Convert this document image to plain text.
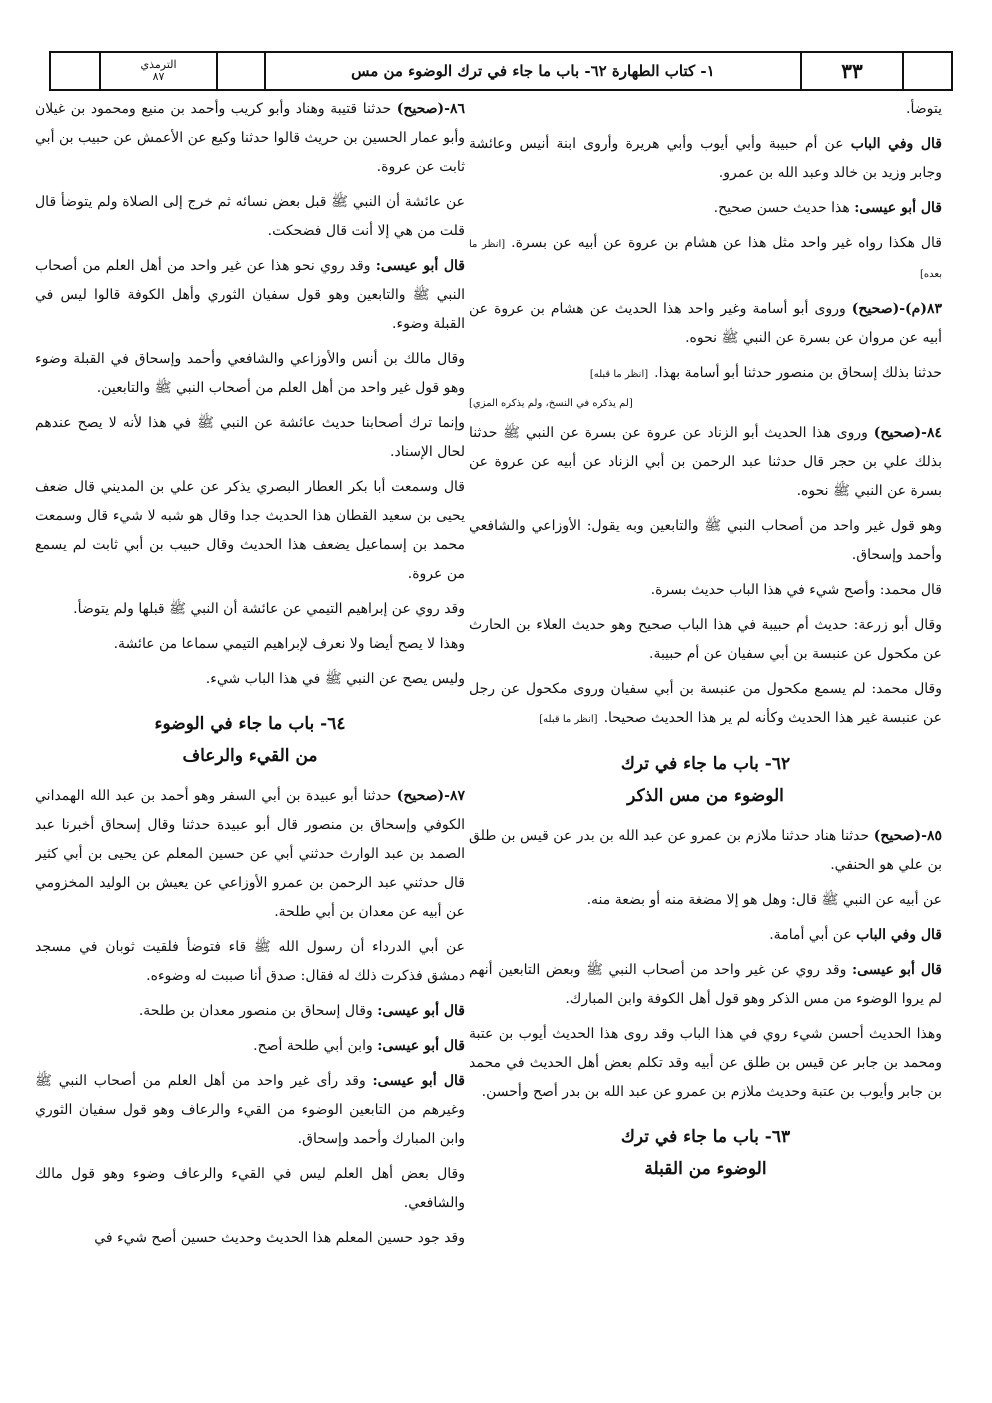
الترمذي
٨٧	١- كتاب الطهارة ٦٢- باب ما جاء في ترك الوضوء من مس	٣٣

يتوضأ.

قال وفي الباب عن أم حبيبة وأبي أيوب وأبي هريرة وأروى ابنة أنيس وعائشة وجابر وزيد بن خالد وعبد الله بن عمرو.

قال أبو عيسى: هذا حديث حسن صحيح.

قال هكذا رواه غير واحد مثل هذا عن هشام بن عروة عن أبيه عن بسرة.[انظر ما بعده]

٨٣(م)-(صحيح) وروى أبو أسامة وغير واحد هذا الحديث عن هشام بن عروة عن أبيه عن مروان عن بسرة عن النبي ﷺ نحوه.

حدثنا بذلك إسحاق بن منصور حدثنا أبو أسامة بهذا.[انظر ما قبله]

[لم يذكره في النسخ، ولم يذكره المزي]

٨٤-(صحيح) وروى هذا الحديث أبو الزناد عن عروة عن بسرة عن النبي ﷺ حدثنا بذلك علي بن حجر قال حدثنا عبد الرحمن بن أبي الزناد عن أبيه عن عروة عن بسرة عن النبي ﷺ نحوه.

وهو قول غير واحد من أصحاب النبي ﷺ والتابعين وبه يقول: الأوزاعي والشافعي وأحمد وإسحاق.

قال محمد: وأصح شيء في هذا الباب حديث بسرة.

وقال أبو زرعة: حديث أم حبيبة في هذا الباب صحيح وهو حديث العلاء بن الحارث عن مكحول عن عنبسة بن أبي سفيان عن أم حبيبة.

وقال محمد: لم يسمع مكحول من عنبسة بن أبي سفيان وروى مكحول عن رجل عن عنبسة غير هذا الحديث وكأنه لم ير هذا الحديث صحيحا.[انظر ما قبله]

٦٢- باب ما جاء في ترك
الوضوء من مس الذكر

٨٥-(صحيح) حدثنا هناد حدثنا ملازم بن عمرو عن عبد الله بن بدر عن قيس بن طلق بن علي هو الحنفي.

عن أبيه عن النبي ﷺ قال: وهل هو إلا مضغة منه أو بضعة منه.

قال وفي الباب عن أبي أمامة.

قال أبو عيسى: وقد روي عن غير واحد من أصحاب النبي ﷺ وبعض التابعين أنهم لم يروا الوضوء من مس الذكر وهو قول أهل الكوفة وابن المبارك.

وهذا الحديث أحسن شيء روي في هذا الباب وقد روى هذا الحديث أيوب بن عتبة ومحمد بن جابر عن قيس بن طلق عن أبيه وقد تكلم بعض أهل الحديث في محمد بن جابر وأيوب بن عتبة وحديث ملازم بن عمرو عن عبد الله بن بدر أصح وأحسن.

٦٣- باب ما جاء في ترك
الوضوء من القبلة

٨٦-(صحيح) حدثنا قتيبة وهناد وأبو كريب وأحمد بن منيع ومحمود بن غيلان وأبو عمار الحسين بن حريث قالوا حدثنا وكيع عن الأعمش عن حبيب بن أبي ثابت عن عروة.

عن عائشة أن النبي ﷺ قبل بعض نسائه ثم خرج إلى الصلاة ولم يتوضأ قال قلت من هي إلا أنت قال فضحكت.

قال أبو عيسى: وقد روي نحو هذا عن غير واحد من أهل العلم من أصحاب النبي ﷺ والتابعين وهو قول سفيان الثوري وأهل الكوفة قالوا ليس في القبلة وضوء.

وقال مالك بن أنس والأوزاعي والشافعي وأحمد وإسحاق في القبلة وضوء وهو قول غير واحد من أهل العلم من أصحاب النبي ﷺ والتابعين.

وإنما ترك أصحابنا حديث عائشة عن النبي ﷺ في هذا لأنه لا يصح عندهم لحال الإسناد.

قال وسمعت أبا بكر العطار البصري يذكر عن علي بن المديني قال ضعف يحيى بن سعيد القطان هذا الحديث جدا وقال هو شبه لا شيء قال وسمعت محمد بن إسماعيل يضعف هذا الحديث وقال حبيب بن أبي ثابت لم يسمع من عروة.

وقد روي عن إبراهيم التيمي عن عائشة أن النبي ﷺ قبلها ولم يتوضأ.

وهذا لا يصح أيضا ولا نعرف لإبراهيم التيمي سماعا من عائشة.

وليس يصح عن النبي ﷺ في هذا الباب شيء.

٦٤- باب ما جاء في الوضوء
من القيء والرعاف

٨٧-(صحيح) حدثنا أبو عبيدة بن أبي السفر وهو أحمد بن عبد الله الهمداني الكوفي وإسحاق بن منصور قال أبو عبيدة حدثنا وقال إسحاق أخبرنا عبد الصمد بن عبد الوارث حدثني أبي عن حسين المعلم عن يحيى بن أبي كثير قال حدثني عبد الرحمن بن عمرو الأوزاعي عن يعيش بن الوليد المخزومي عن أبيه عن معدان بن أبي طلحة.

عن أبي الدرداء أن رسول الله ﷺ قاء فتوضأ فلقيت ثوبان في مسجد دمشق فذكرت ذلك له فقال: صدق أنا صببت له وضوءه.

قال أبو عيسى: وقال إسحاق بن منصور معدان بن طلحة.

قال أبو عيسى: وابن أبي طلحة أصح.

قال أبو عيسى: وقد رأى غير واحد من أهل العلم من أصحاب النبي ﷺ وغيرهم من التابعين الوضوء من القيء والرعاف وهو قول سفيان الثوري وابن المبارك وأحمد وإسحاق.

وقال بعض أهل العلم ليس في القيء والرعاف وضوء وهو قول مالك والشافعي.

وقد جود حسين المعلم هذا الحديث وحديث حسين أصح شيء في
